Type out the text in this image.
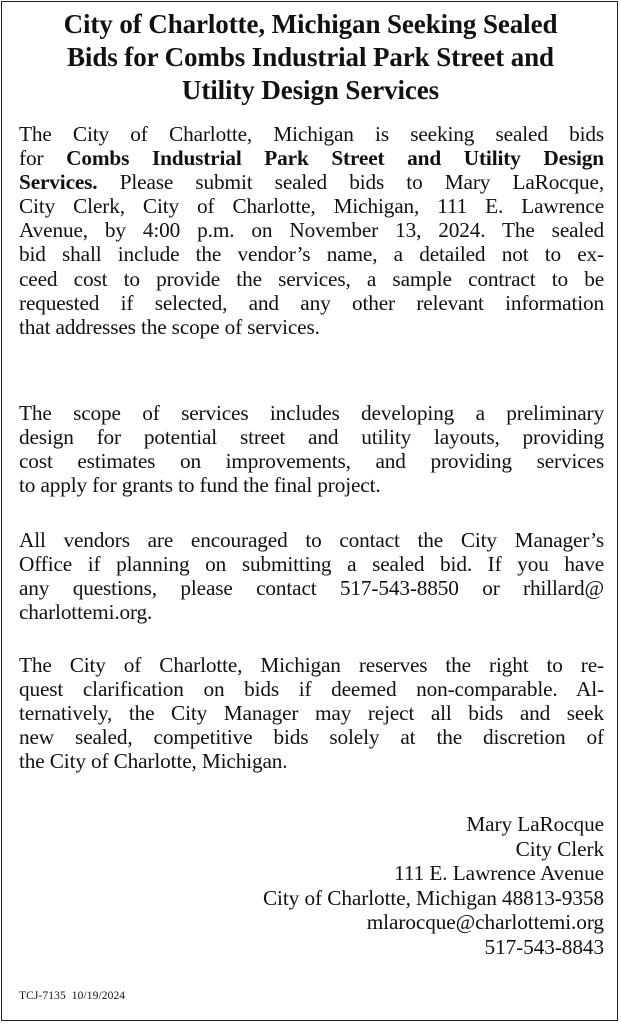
City of Charlotte, Michigan Seeking Sealed
Bids for Combs Industrial Park Street and
Utility Design Services
The City of Charlotte, Michigan is seeking sealed bids
for Combs Industrial Park Street and Utility Design
Services. Please submit sealed bids to Mary LaRocque,
City Clerk, City of Charlotte, Michigan, 111 E. Lawrence
Avenue, by 4:00 p.m. on November 13, 2024. The sealed
bid shall include the vendor’s name, a detailed not to ex-
ceed cost to provide the services, a sample contract to be
requested if selected, and any other relevant information
that addresses the scope of services.
The scope of services includes developing a preliminary
design for potential street and utility layouts, providing
cost estimates on improvements, and providing services
to apply for grants to fund the final project.
All vendors are encouraged to contact the City Manager’s
Office if planning on submitting a sealed bid. If you have
any questions, please contact 517-543-8850 or rhillard@
charlottemi.org.
The City of Charlotte, Michigan reserves the right to re-
quest clarification on bids if deemed non-comparable. Al-
ternatively, the City Manager may reject all bids and seek
new sealed, competitive bids solely at the discretion of
the City of Charlotte, Michigan.
Mary LaRocque
City Clerk
111 E. Lawrence Avenue
City of Charlotte, Michigan 48813-9358
mlarocque@charlottemi.org
517-543-8843
TCJ-7135  10/19/2024
